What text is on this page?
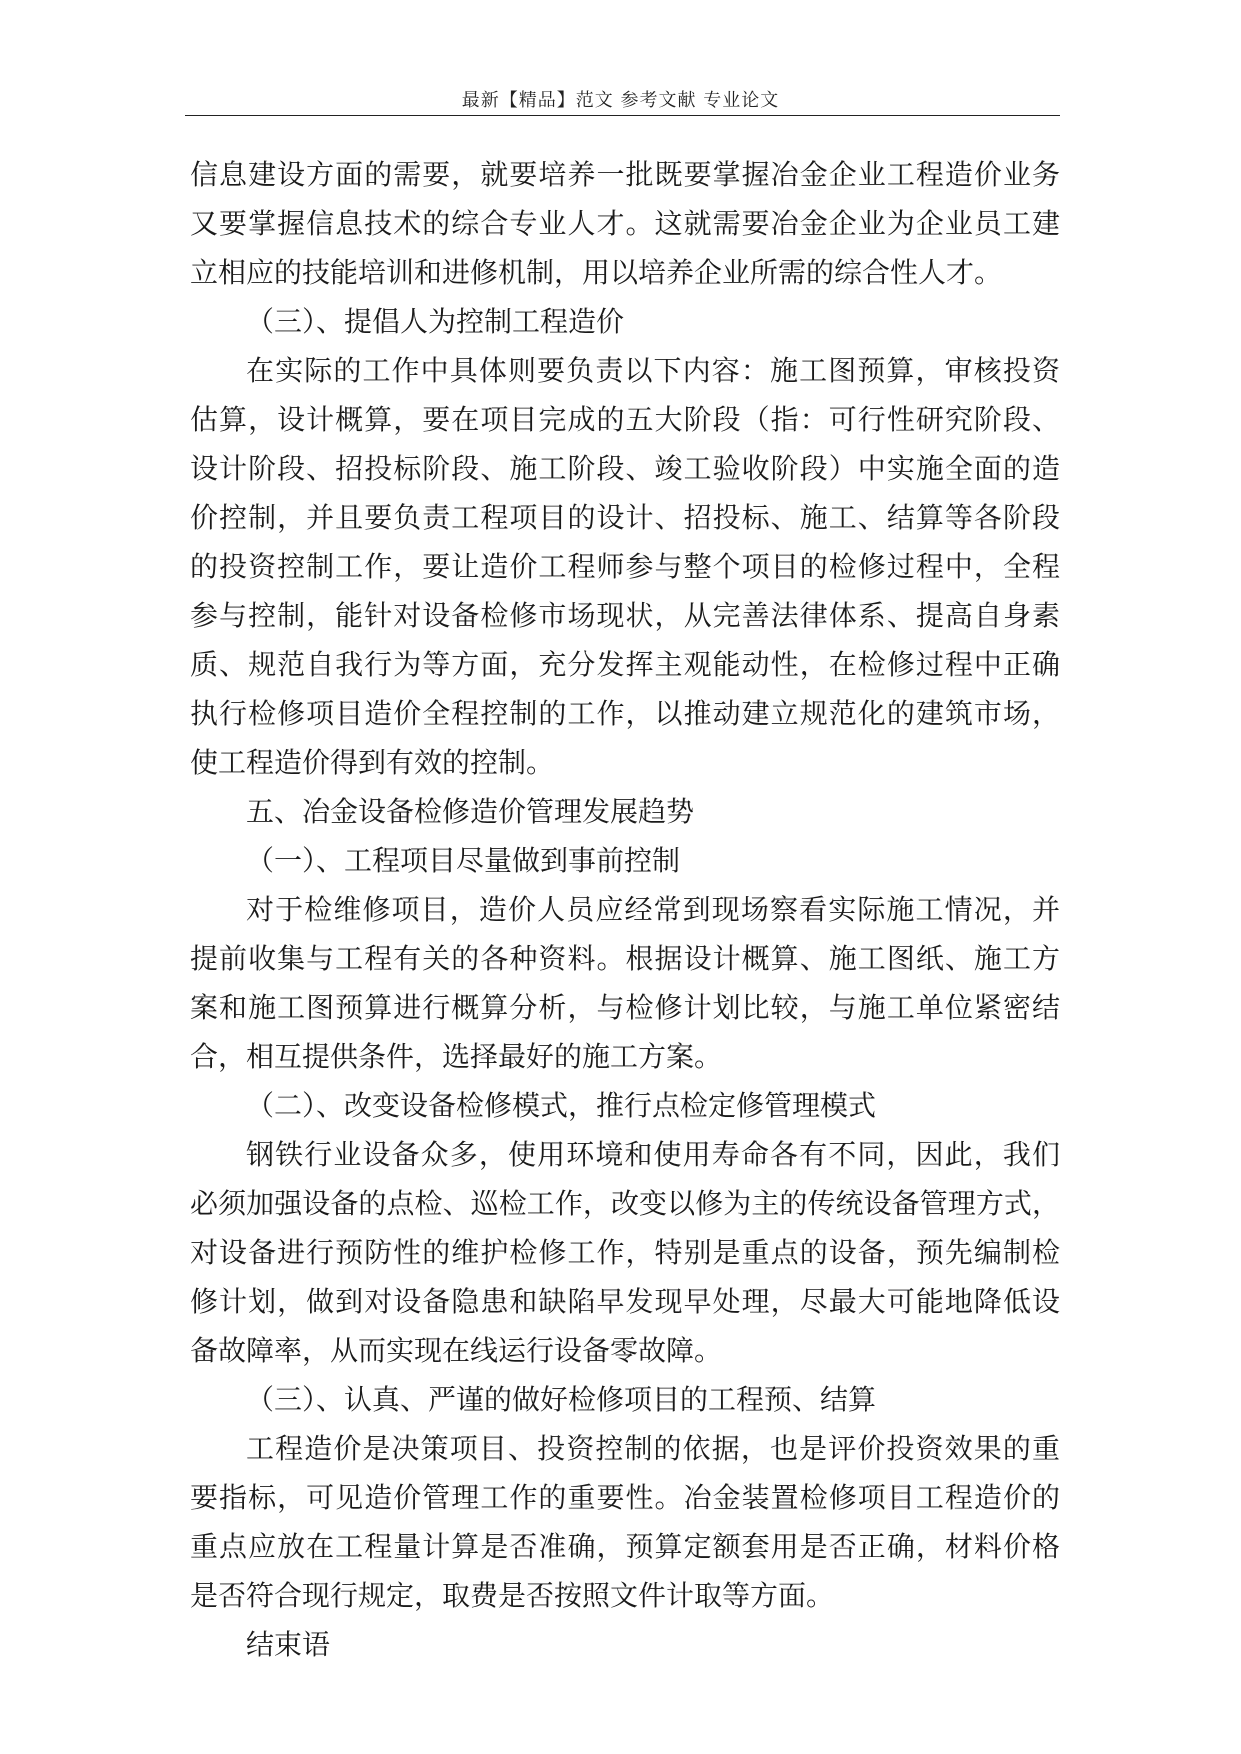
最新【精品】范文 参考文献 专业论文
信息建设方面的需要，就要培养一批既要掌握冶金企业工程造价业务
又要掌握信息技术的综合专业人才。这就需要冶金企业为企业员工建
立相应的技能培训和进修机制，用以培养企业所需的综合性人才。
（三）、提倡人为控制工程造价
在实际的工作中具体则要负责以下内容：施工图预算，审核投资
估算，设计概算，要在项目完成的五大阶段（指：可行性研究阶段、
设计阶段、招投标阶段、施工阶段、竣工验收阶段）中实施全面的造
价控制，并且要负责工程项目的设计、招投标、施工、结算等各阶段
的投资控制工作，要让造价工程师参与整个项目的检修过程中，全程
参与控制，能针对设备检修市场现状，从完善法律体系、提高自身素
质、规范自我行为等方面，充分发挥主观能动性，在检修过程中正确
执行检修项目造价全程控制的工作，以推动建立规范化的建筑市场，
使工程造价得到有效的控制。
五、冶金设备检修造价管理发展趋势
（一）、工程项目尽量做到事前控制
对于检维修项目，造价人员应经常到现场察看实际施工情况，并
提前收集与工程有关的各种资料。根据设计概算、施工图纸、施工方
案和施工图预算进行概算分析，与检修计划比较，与施工单位紧密结
合，相互提供条件，选择最好的施工方案。
（二）、改变设备检修模式，推行点检定修管理模式
钢铁行业设备众多，使用环境和使用寿命各有不同，因此，我们
必须加强设备的点检、巡检工作，改变以修为主的传统设备管理方式，
对设备进行预防性的维护检修工作，特别是重点的设备，预先编制检
修计划，做到对设备隐患和缺陷早发现早处理，尽最大可能地降低设
备故障率，从而实现在线运行设备零故障。
（三）、认真、严谨的做好检修项目的工程预、结算
工程造价是决策项目、投资控制的依据，也是评价投资效果的重
要指标，可见造价管理工作的重要性。冶金装置检修项目工程造价的
重点应放在工程量计算是否准确，预算定额套用是否正确，材料价格
是否符合现行规定，取费是否按照文件计取等方面。
结束语
